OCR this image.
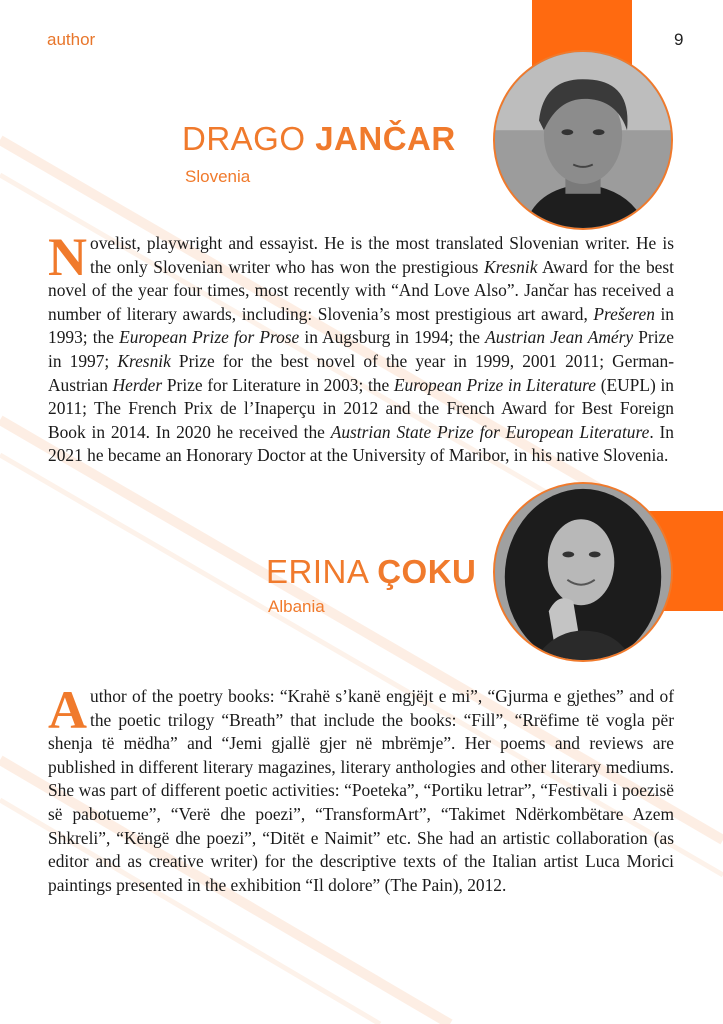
author	9
DRAGO JANČAR
Slovenia

N ovelist, playwright and essayist. He is the most translated Slovenian writer. He is the only Slovenian writer who has won the prestigious Kresnik Award for the best novel of the year four times, most recently with “And Love Also”. Jančar has received a number of literary awards, including: Slovenia’s most prestigious art award, Prešeren in 1993; the European Prize for Prose in Augsburg in 1994; the Austrian Jean Améry Prize in 1997; Kresnik Prize for the best novel of the year in 1999, 2001 2011; German-Austrian Herder Prize for Literature in 2003; the European Prize in Literature (EUPL) in 2011; The French Prix de l’Inaperçu in 2012 and the French Award for Best Foreign Book in 2014. In 2020 he received the Austrian State Prize for European Literature. In 2021 he became an Honorary Doctor at the University of Maribor, in his native Slovenia.

ERINA ÇOKU
Albania

A uthor of the poetry books: “Krahë s’kanë engjëjt e mi”, “Gjurma e gjethes” and of the poetic trilogy “Breath” that include the books: “Fill”, “Rrëfime të vogla për shenja të mëdha” and “Jemi gjallë gjer në mbrëmje”. Her poems and reviews are published in different literary magazines, literary anthologies and other literary mediums. She was part of different poetic activities: “Poeteka”, “Portiku letrar”, “Festivali i poezisë së pabotueme”, “Verë dhe poezi”, “TransformArt”, “Takimet Ndërkombëtare Azem Shkreli”, “Këngë dhe poezi”, “Ditët e Naimit” etc. She had an artistic collaboration (as editor and as creative writer) for the descriptive texts of the Italian artist Luca Morici paintings presented in the exhibition “Il dolore” (The Pain), 2012.
